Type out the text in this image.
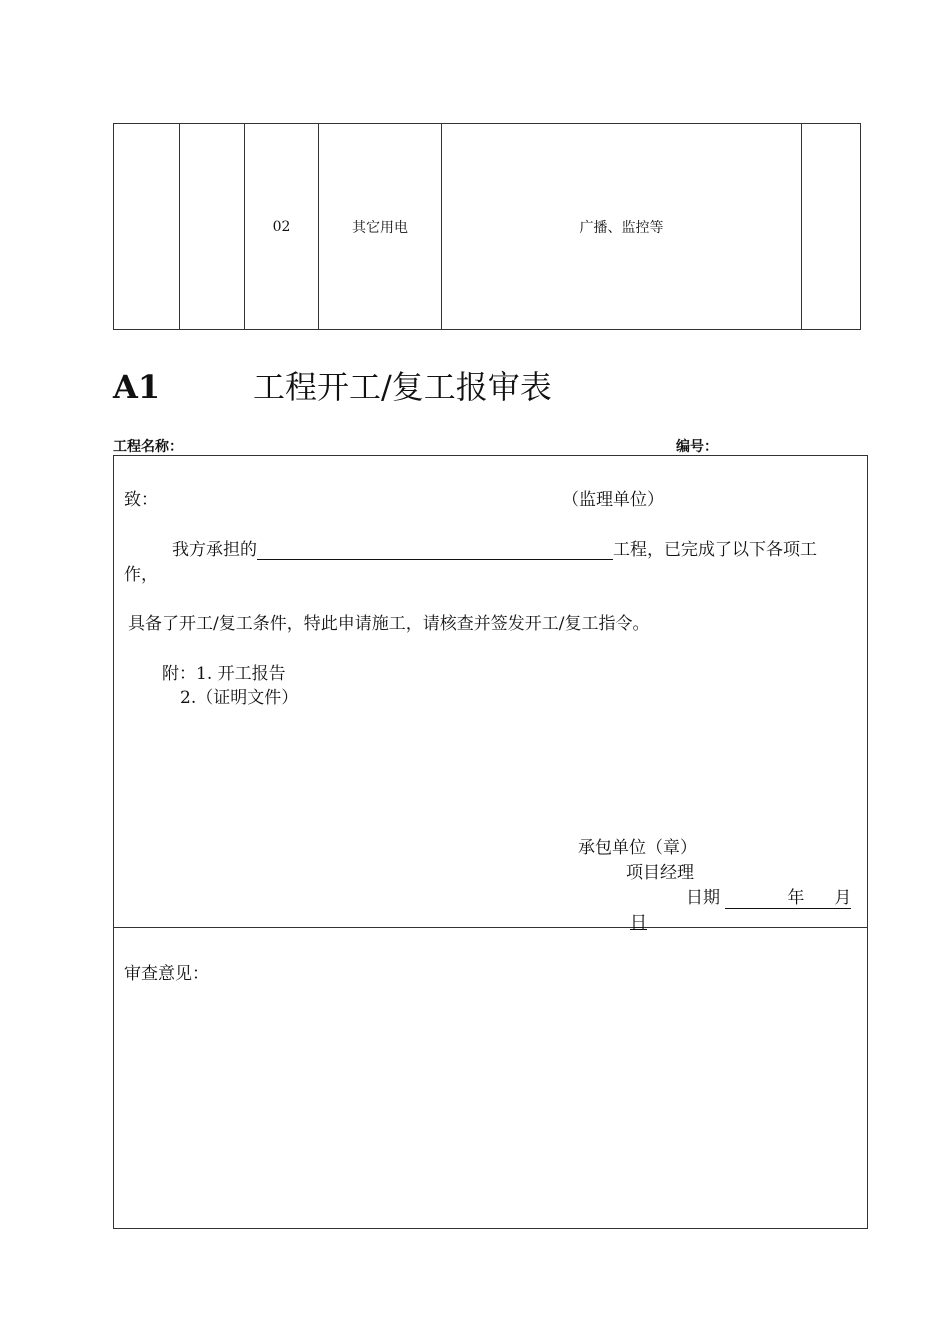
		02	其它用电	广播、监控等	
A1	工程开工/复工报审表
工程名称：	编号：
致：	（监理单位）
我方承担的	工程，已完成了以下各项工
作，
具备了开工/复工条件，特此申请施工，请核查并签发开工/复工指令。
附：1. 开工报告
2.（证明文件）
承包单位（章）
项目经理
日期	年 月
日
审查意见：
